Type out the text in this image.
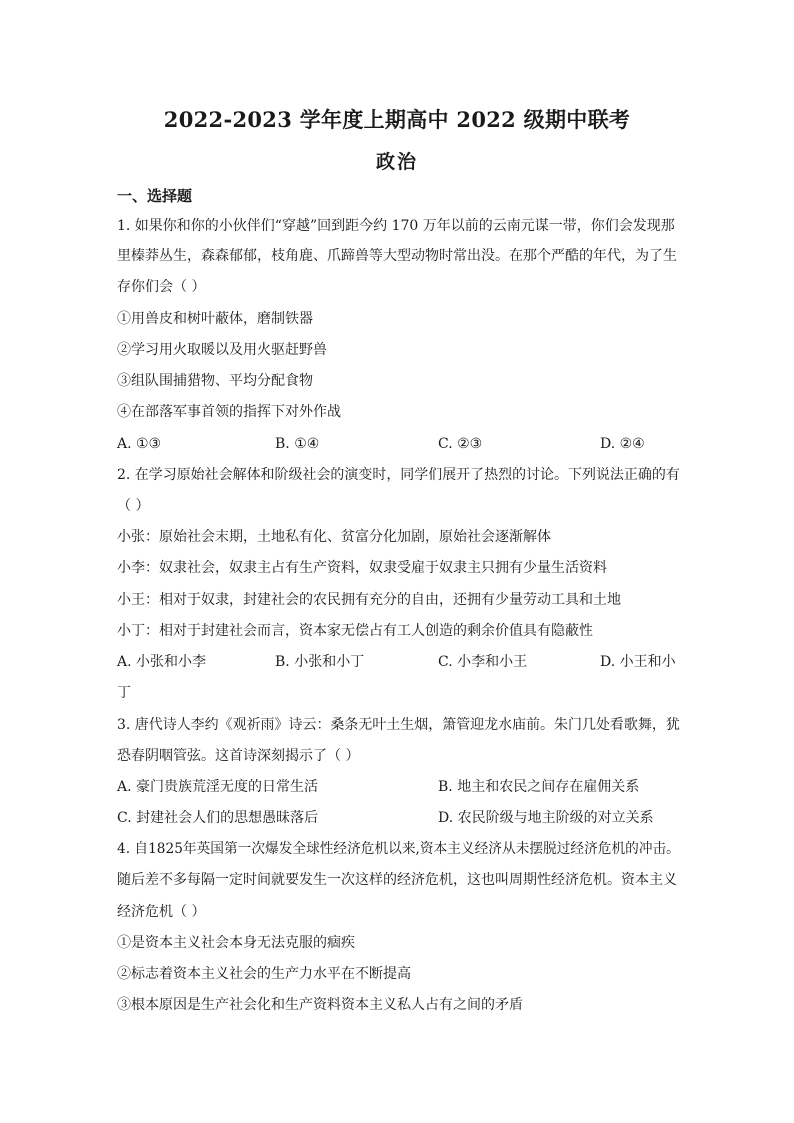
2022-2023 学年度上期高中 2022 级期中联考
政治
一、选择题
1. 如果你和你的小伙伴们“穿越”回到距今约 170 万年以前的云南元谋一带，你们会发现那
里榛莽丛生，森森郁郁，枝角鹿、爪蹄兽等大型动物时常出没。在那个严酷的年代，为了生
存你们会（ ）
①用兽皮和树叶蔽体，磨制铁器
②学习用火取暖以及用火驱赶野兽
③组队围捕猎物、平均分配食物
④在部落军事首领的指挥下对外作战
A. ①③	B. ①④	C. ②③	D. ②④
2. 在学习原始社会解体和阶级社会的演变时，同学们展开了热烈的讨论。下列说法正确的有
（ ）
小张：原始社会末期，土地私有化、贫富分化加剧，原始社会逐渐解体
小李：奴隶社会，奴隶主占有生产资料，奴隶受雇于奴隶主只拥有少量生活资料
小王：相对于奴隶，封建社会的农民拥有充分的自由，还拥有少量劳动工具和土地
小丁：相对于封建社会而言，资本家无偿占有工人创造的剩余价值具有隐蔽性
A. 小张和小李	B. 小张和小丁	C. 小李和小王	D. 小王和小
丁
3. 唐代诗人李约《观祈雨》诗云：桑条无叶土生烟，箫管迎龙水庙前。朱门几处看歌舞，犹
恐春阴咽管弦。这首诗深刻揭示了（ ）
A. 豪门贵族荒淫无度的日常生活	B. 地主和农民之间存在雇佣关系
C. 封建社会人们的思想愚昧落后	D. 农民阶级与地主阶级的对立关系
4. 自1825年英国第一次爆发全球性经济危机以来,资本主义经济从未摆脱过经济危机的冲击。
随后差不多每隔一定时间就要发生一次这样的经济危机，这也叫周期性经济危机。资本主义
经济危机（ ）
①是资本主义社会本身无法克服的痼疾
②标志着资本主义社会的生产力水平在不断提高
③根本原因是生产社会化和生产资料资本主义私人占有之间的矛盾
